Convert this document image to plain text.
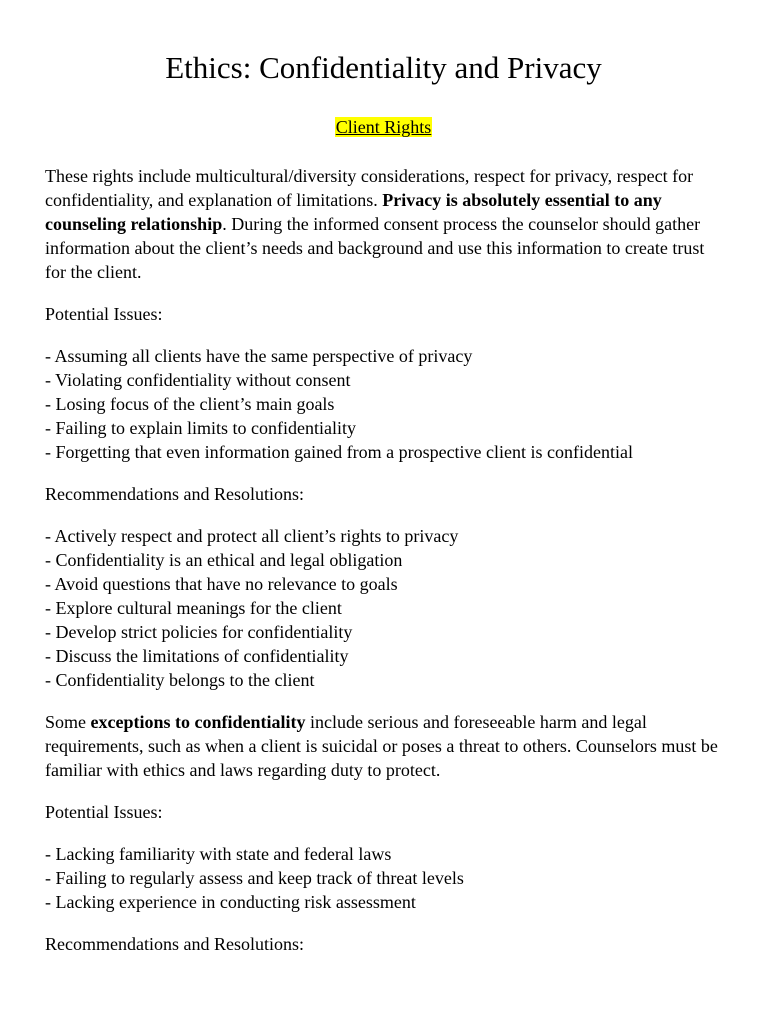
Ethics: Confidentiality and Privacy
Client Rights

These rights include multicultural/diversity considerations, respect for privacy, respect for confidentiality, and explanation of limitations. Privacy is absolutely essential to any counseling relationship. During the informed consent process the counselor should gather information about the client’s needs and background and use this information to create trust for the client.

Potential Issues:

- Assuming all clients have the same perspective of privacy
- Violating confidentiality without consent
- Losing focus of the client’s main goals
- Failing to explain limits to confidentiality
- Forgetting that even information gained from a prospective client is confidential

Recommendations and Resolutions:

- Actively respect and protect all client’s rights to privacy
- Confidentiality is an ethical and legal obligation
- Avoid questions that have no relevance to goals
- Explore cultural meanings for the client
- Develop strict policies for confidentiality
- Discuss the limitations of confidentiality
- Confidentiality belongs to the client

Some exceptions to confidentiality include serious and foreseeable harm and legal requirements, such as when a client is suicidal or poses a threat to others. Counselors must be familiar with ethics and laws regarding duty to protect.

Potential Issues:

- Lacking familiarity with state and federal laws
- Failing to regularly assess and keep track of threat levels
- Lacking experience in conducting risk assessment

Recommendations and Resolutions:
